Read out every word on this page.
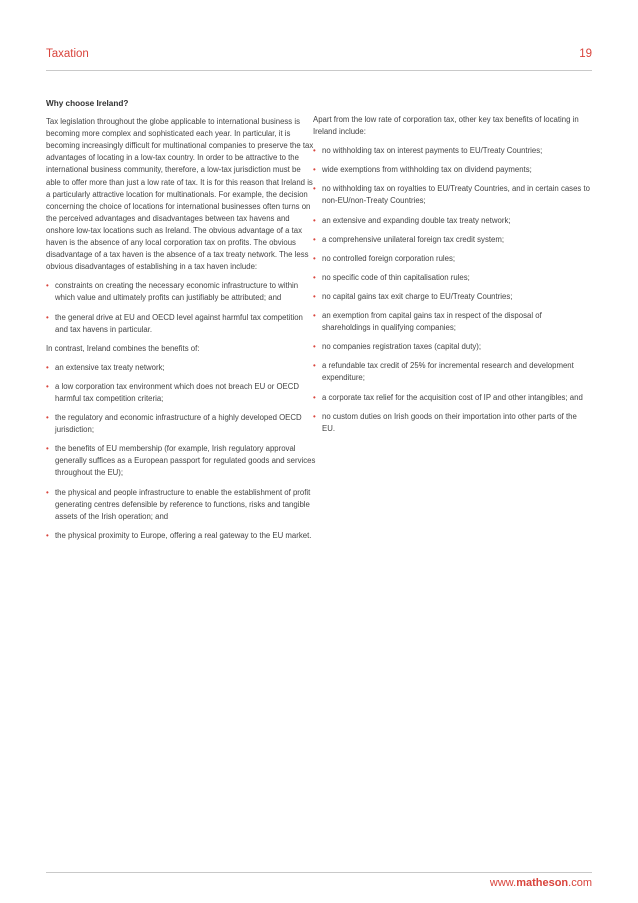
Taxation	19
Why choose Ireland?

Tax legislation throughout the globe applicable to international business is becoming more complex and sophisticated each year. In particular, it is becoming increasingly difficult for multinational companies to preserve the tax advantages of locating in a low-tax country. In order to be attractive to the international business community, therefore, a low-tax jurisdiction must be able to offer more than just a low rate of tax. It is for this reason that Ireland is a particularly attractive location for multinationals. For example, the decision concerning the choice of locations for international businesses often turns on the perceived advantages and disadvantages between tax havens and onshore low-tax locations such as Ireland. The obvious advantage of a tax haven is the absence of any local corporation tax on profits. The obvious disadvantage of a tax haven is the absence of a tax treaty network. The less obvious disadvantages of establishing in a tax haven include:

• constraints on creating the necessary economic infrastructure to within which value and ultimately profits can justifiably be attributed; and
• the general drive at EU and OECD level against harmful tax competition and tax havens in particular.

In contrast, Ireland combines the benefits of:

• an extensive tax treaty network;
• a low corporation tax environment which does not breach EU or OECD harmful tax competition criteria;
• the regulatory and economic infrastructure of a highly developed OECD jurisdiction;
• the benefits of EU membership (for example, Irish regulatory approval generally suffices as a European passport for regulated goods and services throughout the EU);
• the physical and people infrastructure to enable the establishment of profit generating centres defensible by reference to functions, risks and tangible assets of the Irish operation; and
• the physical proximity to Europe, offering a real gateway to the EU market.

Apart from the low rate of corporation tax, other key tax benefits of locating in Ireland include:

• no withholding tax on interest payments to EU/Treaty Countries;
• wide exemptions from withholding tax on dividend payments;
• no withholding tax on royalties to EU/Treaty Countries, and in certain cases to non-EU/non-Treaty Countries;
• an extensive and expanding double tax treaty network;
• a comprehensive unilateral foreign tax credit system;
• no controlled foreign corporation rules;
• no specific code of thin capitalisation rules;
• no capital gains tax exit charge to EU/Treaty Countries;
• an exemption from capital gains tax in respect of the disposal of shareholdings in qualifying companies;
• no companies registration taxes (capital duty);
• a refundable tax credit of 25% for incremental research and development expenditure;
• a corporate tax relief for the acquisition cost of IP and other intangibles; and
• no custom duties on Irish goods on their importation into other parts of the EU.
www.matheson.com
